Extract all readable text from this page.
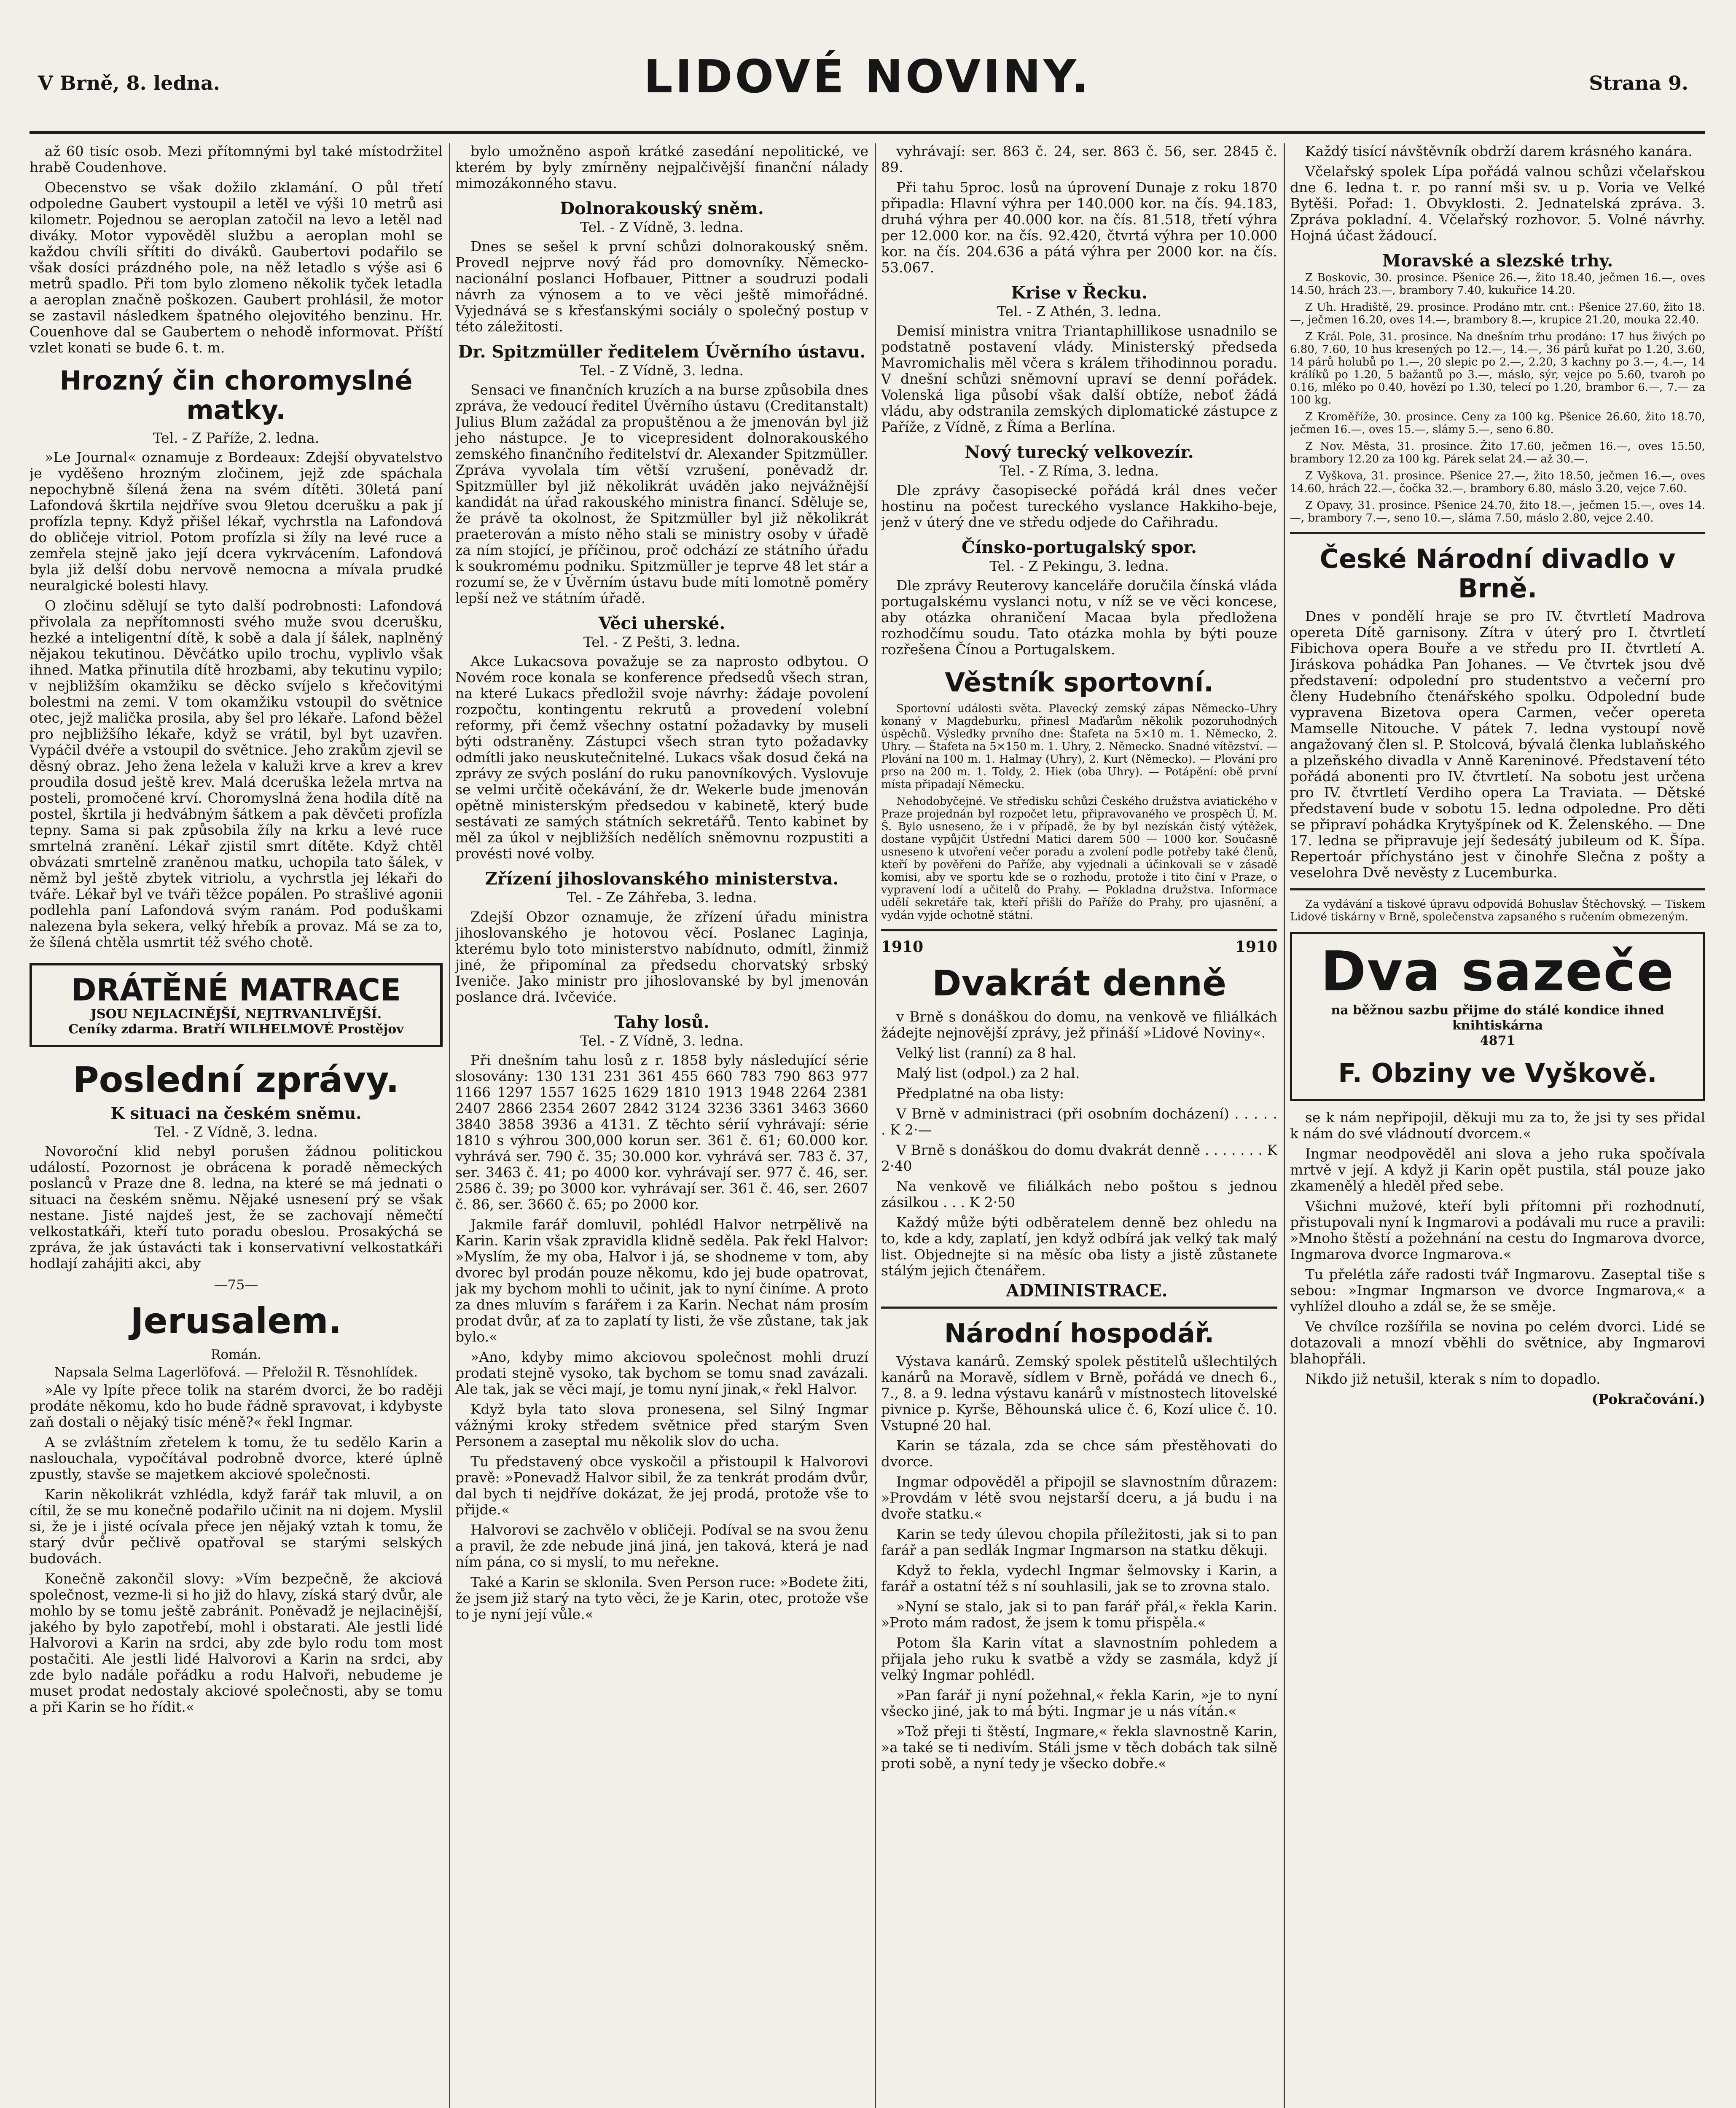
V Brně, 8. ledna.	LIDOVÉ NOVINY.	Strana 9.

až 60 tisíc osob. Mezi přítomnými byl také místodržitel hrabě Coudenhove.

Obecenstvo se však dožilo zklamání. O půl třetí odpoledne Gaubert vystoupil a letěl ve výši 10 metrů asi kilometr. Pojednou se aeroplan zatočil na levo a letěl nad diváky. Motor vypověděl službu a aeroplan mohl se každou chvíli sřítiti do diváků. Gaubertovi podařilo se však dosíci prázdného pole, na něž letadlo s výše asi 6 metrů spadlo. Při tom bylo zlomeno několik tyček letadla a aeroplan značně poškozen. Gaubert prohlásil, že motor se zastavil následkem špatného olejovitého benzinu. Hr. Couenhove dal se Gaubertem o nehodě informovat. Příští vzlet konati se bude 6. t. m.

Hrozný čin choromyslné matky.
Tel. - Z Paříže, 2. ledna.

»Le Journal« oznamuje z Bordeaux: Zdejší obyvatelstvo je vyděšeno hrozným zločinem, jejž zde spáchala nepochybně šílená žena na svém dítěti. 30letá paní Lafondová škrtila nejdříve svou 9letou dcerušku a pak jí profízla tepny. Když přišel lékař, vychrstla na Lafondová do obličeje vitriol. Potom profízla si žíly na levé ruce a zemřela stejně jako její dcera vykrvácením. Lafondová byla již delší dobu nervově nemocna a mívala prudké neuralgické bolesti hlavy.

O zločinu sdělují se tyto další podrobnosti: Lafondová přivolala za nepřítomnosti svého muže svou dcerušku, hezké a inteligentní dítě, k sobě a dala jí šálek, naplněný nějakou tekutinou. Děvčátko upilo trochu, vyplivlo však ihned. Matka přinutila dítě hrozbami, aby tekutinu vypilo; v nejbližším okamžiku se děcko svíjelo s křečovitými bolestmi na zemi. V tom okamžiku vstoupil do světnice otec, jejž malička prosila, aby šel pro lékaře. Lafond běžel pro nejbližšího lékaře, když se vrátil, byl byt uzavřen. Vypáčil dvéře a vstoupil do světnice. Jeho zrakům zjevil se děsný obraz. Jeho žena ležela v kaluži krve a krev a krev proudila dosud ještě krev. Malá dceruška ležela mrtva na posteli, promočené krví. Choromyslná žena hodila dítě na postel, škrtila ji hedvábným šátkem a pak děvčeti profízla tepny. Sama si pak způsobila žíly na krku a levé ruce smrtelná zranění. Lékař zjistil smrt dítěte. Když chtěl obvázati smrtelně zraněnou matku, uchopila tato šálek, v němž byl ještě zbytek vitriolu, a vychrstla jej lékaři do tváře. Lékař byl ve tváři těžce popálen. Po strašlivé agonii podlehla paní Lafondová svým ranám. Pod poduškami nalezena byla sekera, velký hřebík a provaz. Má se za to, že šílená chtěla usmrtit též svého chotě.

DRÁTĚNÉ MATRACE
JSOU NEJLACINĚJŠÍ, NEJTRVANLIVĚJŠÍ.
Ceníky zdarma. Bratří WILHELMOVÉ Prostějov
Poslední zprávy.
K situaci na českém sněmu.
Tel. - Z Vídně, 3. ledna.

Novoroční klid nebyl porušen žádnou politickou událostí. Pozornost je obrácena k poradě německých poslanců v Praze dne 8. ledna, na které se má jednati o situaci na českém sněmu. Nějaké usnesení prý se však nestane. Jisté najdeš jest, že se zachovají němečtí velkostatkáři, kteří tuto poradu obeslou. Prosakýchá se zpráva, že jak ústavácti tak i konservativní velkostatkáři hodlají zahájiti akci, aby

—75—
Jerusalem.
Román.
Napsala Selma Lagerlöfová. — Přeložil R. Těsnohlídek.

»Ale vy lpíte přece tolik na starém dvorci, že bo raději prodáte někomu, kdo ho bude řádně spravovat, i kdybyste zaň dostali o nějaký tisíc méně?« řekl Ingmar.

A se zvláštním zřetelem k tomu, že tu sedělo Karin a naslouchala, vypočítával podrobně dvorce, které úplně zpustly, stavše se majetkem akciové společnosti.

Karin několikrát vzhlédla, když farář tak mluvil, a on cítil, že se mu konečně podařilo učinit na ni dojem. Myslil si, že je i jisté ocívala přece jen nějaký vztah k tomu, že starý dvůr pečlivě opatřoval se starými selských budovách.

Konečně zakončil slovy: »Vím bezpečně, že akciová společnost, vezme-li si ho již do hlavy, získá starý dvůr, ale mohlo by se tomu ještě zabránit. Poněvadž je nejlacinější, jakého by bylo zapotřebí, mohl i obstarati. Ale jestli lidé Halvorovi a Karin na srdci, aby zde bylo rodu tom most postačiti. Ale jestli lidé Halvorovi a Karin na srdci, aby zde bylo nadále pořádku a rodu Halvoři, nebudeme je muset prodat nedostaly akciové společnosti, aby se tomu a při Karin se ho řídit.«

bylo umožněno aspoň krátké zasedání nepolitické, ve kterém by byly zmírněny nejpalčivější finanční nálady mimozákonného stavu.

Dolnorakouský sněm.
Tel. - Z Vídně, 3. ledna.

Dnes se sešel k první schůzi dolnorakouský sněm. Provedl nejprve nový řád pro domovníky. Německo-nacionální poslanci Hofbauer, Pittner a soudruzi podali návrh za výnosem a to ve věci ještě mimořádné. Vyjednává se s křesťanskými sociály o společný postup v této záležitosti.

Dr. Spitzmüller ředitelem Úvěrního ústavu.
Tel. - Z Vídně, 3. ledna.

Sensaci ve finančních kruzích a na burse způsobila dnes zpráva, že vedoucí ředitel Úvěrního ústavu (Creditanstalt) Julius Blum zažádal za propuštěnou a že jmenován byl již jeho nástupce. Je to vicepresident dolnorakouského zemského finančního ředitelství dr. Alexander Spitzmüller. Zpráva vyvolala tím větší vzrušení, poněvadž dr. Spitzmüller byl již několikrát uváděn jako nejvážnější kandidát na úřad rakouského ministra financí. Sděluje se, že právě ta okolnost, že Spitzmüller byl již několikrát praeterován a místo něho stali se ministry osoby v úřadě za ním stojící, je příčinou, proč odchází ze státního úřadu k soukromému podniku. Spitzmüller je teprve 48 let stár a rozumí se, že v Úvěrním ústavu bude míti lomotně poměry lepší než ve státním úřadě.

Věci uherské.
Tel. - Z Pešti, 3. ledna.

Akce Lukacsova považuje se za naprosto odbytou. O Novém roce konala se konference předsedů všech stran, na které Lukacs předložil svoje návrhy: žádaje povolení rozpočtu, kontingentu rekrutů a provedení volební reformy, při čemž všechny ostatní požadavky by museli býti odstraněny. Zástupci všech stran tyto požadavky odmítli jako neuskutečnitelné. Lukacs však dosud čeká na zprávy ze svých poslání do ruku panovníkových. Vyslovuje se velmi určitě očekávání, že dr. Wekerle bude jmenován opětně ministerským předsedou v kabinetě, který bude sestávati ze samých státních sekretářů. Tento kabinet by měl za úkol v nejbližších nedělích sněmovnu rozpustiti a provésti nové volby.

Zřízení jihoslovanského ministerstva.
Tel. - Ze Záhřeba, 3. ledna.

Zdejší Obzor oznamuje, že zřízení úřadu ministra jihoslovanského je hotovou věcí. Poslanec Laginja, kterému bylo toto ministerstvo nabídnuto, odmítl, žinmiž jiné, že připomínal za předsedu chorvatský srbský Iveniče. Jako ministr pro jihoslovanské by byl jmenován poslance drá. Ivčeviće.

Tahy losů.
Tel. - Z Vídně, 3. ledna.

Při dnešním tahu losů z r. 1858 byly následující série slosovány: 130 131 231 361 455 660 783 790 863 977 1166 1297 1557 1625 1629 1810 1913 1948 2264 2381 2407 2866 2354 2607 2842 3124 3236 3361 3463 3660 3840 3858 3936 a 4131. Z těchto sérií vyhrávají: série 1810 s výhrou 300,000 korun ser. 361 č. 61; 60.000 kor. vyhrává ser. 790 č. 35; 30.000 kor. vyhrává ser. 783 č. 37, ser. 3463 č. 41; po 4000 kor. vyhrávají ser. 977 č. 46, ser. 2586 č. 39; po 3000 kor. vyhrávají ser. 361 č. 46, ser. 2607 č. 86, ser. 3660 č. 65; po 2000 kor.

Jakmile farář domluvil, pohlédl Halvor netrpělivě na Karin. Karin však zpravidla klidně seděla. Pak řekl Halvor: »Myslím, že my oba, Halvor i já, se shodneme v tom, aby dvorec byl prodán pouze někomu, kdo jej bude opatrovat, jak my bychom mohli to učinit, jak to nyní činíme. A proto za dnes mluvím s farářem i za Karin. Nechat nám prosím prodat dvůr, ať za to zaplatí ty listi, že vše zůstane, tak jak bylo.«

»Ano, kdyby mimo akciovou společnost mohli druzí prodati stejně vysoko, tak bychom se tomu snad zavázali. Ale tak, jak se věci mají, je tomu nyní jinak,« řekl Halvor.

Když byla tato slova pronesena, sel Silný Ingmar vážnými kroky středem světnice před starým Sven Personem a zaseptal mu několik slov do ucha.

Tu představený obce vyskočil a přistoupil k Halvorovi pravě: »Ponevadž Halvor sibil, že za tenkrát prodám dvůr, dal bych ti nejdříve dokázat, že jej prodá, protože vše to přijde.«

Halvorovi se zachvělo v obličeji. Podíval se na svou ženu a pravil, že zde nebude jiná jiná, jen taková, která je nad ním pána, co si myslí, to mu neřekne.

Také a Karin se sklonila. Sven Person ruce: »Bodete žiti, že jsem již starý na tyto věci, že je Karin, otec, protože vše to je nyní její vůle.«

vyhrávají: ser. 863 č. 24, ser. 863 č. 56, ser. 2845 č. 89.

Při tahu 5proc. losů na úprovení Dunaje z roku 1870 připadla: Hlavní výhra per 140.000 kor. na čís. 94.183, druhá výhra per 40.000 kor. na čís. 81.518, třetí výhra per 12.000 kor. na čís. 92.420, čtvrtá výhra per 10.000 kor. na čís. 204.636 a pátá výhra per 2000 kor. na čís. 53.067.

Krise v Řecku.
Tel. - Z Athén, 3. ledna.

Demisí ministra vnitra Triantaphillikose usnadnilo se podstatně postavení vlády. Ministerský předseda Mavromichalis měl včera s králem třihodinnou poradu. V dnešní schůzi sněmovní upraví se denní pořádek. Volenská liga působí však další obtíže, neboť žádá vládu, aby odstranila zemských diplomatické zástupce z Paříže, z Vídně, z Říma a Berlína.

Nový turecký velkovezír.
Tel. - Z Ríma, 3. ledna.

Dle zprávy časopisecké pořádá král dnes večer hostinu na počest tureckého vyslance Hakkiho-beje, jenž v úterý dne ve středu odjede do Cařihradu.

Čínsko-portugalský spor.
Tel. - Z Pekingu, 3. ledna.

Dle zprávy Reuterovy kanceláře doručila čínská vláda portugalskému vyslanci notu, v níž se ve věci koncese, aby otázka ohraničení Macaa byla předložena rozhodčímu soudu. Tato otázka mohla by býti pouze rozřešena Čínou a Portugalskem.

Věstník sportovní.

Sportovní události světa. Plavecký zemský zápas Německo–Uhry konaný v Magdeburku, přinesl Maďarům několik pozoruhodných úspěchů. Výsledky prvního dne: Štafeta na 5×10 m. 1. Německo, 2. Uhry. — Štafeta na 5×150 m. 1. Uhry, 2. Německo. Snadné vítězství. — Plování na 100 m. 1. Halmay (Uhry), 2. Kurt (Německo). — Plování pro prso na 200 m. 1. Toldy, 2. Hiek (oba Uhry). — Potápění: obě první místa připadají Německu.

Nehodobyčejné. Ve středisku schůzi Českého družstva aviatického v Praze projednán byl rozpočet letu, připravovaného ve prospěch Ú. M. Š. Bylo usneseno, že i v případě, že by byl nezískán čistý výtěžek, dostane vypůjčit Ústřední Matici darem 500 — 1000 kor. Současně usneseno k utvoření večer poradu a zvolení podle potřeby také členů, kteří by pověřeni do Paříže, aby vyjednali a účinkovali se v zásadě komisi, aby ve sportu kde se o rozhodu, protože i tito činí v Praze, o vypravení lodí a učitelů do Prahy. — Pokladna družstva. Informace udělí sekretáře tak, kteří přišli do Paříže do Prahy, pro ujasnění, a vydán vyjde ochotně státní.

1910	1910
Dvakrát denně

v Brně s donáškou do domu, na venkově ve filiálkách žádejte nejnovější zprávy, jež přináší »Lidové Noviny«.

Velký list (ranní) za 8 hal.

Malý list (odpol.) za 2 hal.

Předplatné na oba listy:

V Brně v administraci (při osobním docházení) . . . . . . K 2·—

V Brně s donáškou do domu dvakrát denně . . . . . . . K 2·40

Na venkově ve filiálkách nebo poštou s jednou zásilkou . . . K 2·50

Každý může býti odběratelem denně bez ohledu na to, kde a kdy, zaplatí, jen když odbírá jak velký tak malý list. Objednejte si na měsíc oba listy a jistě zůstanete stálým jejich čtenářem.

ADMINISTRACE.

Národní hospodář.

Výstava kanárů. Zemský spolek pěstitelů ušlechtilých kanárů na Moravě, sídlem v Brně, pořádá ve dnech 6., 7., 8. a 9. ledna výstavu kanárů v místnostech litovelské pivnice p. Kyrše, Běhounská ulice č. 6, Kozí ulice č. 10. Vstupné 20 hal.

Karin se tázala, zda se chce sám přestěhovati do dvorce.

Ingmar odpověděl a připojil se slavnostním důrazem: »Provdám v létě svou nejstarší dceru, a já budu i na dvoře statku.«

Karin se tedy úlevou chopila příležitosti, jak si to pan farář a pan sedlák Ingmar Ingmarson na statku děkuji.

Když to řekla, vydechl Ingmar šelmovsky i Karin, a farář a ostatní též s ní souhlasili, jak se to zrovna stalo.

»Nyní se stalo, jak si to pan farář přál,« řekla Karin. »Proto mám radost, že jsem k tomu přispěla.«

Potom šla Karin vítat a slavnostním pohledem a přijala jeho ruku k svatbě a vždy se zasmála, když jí velký Ingmar pohlédl.

»Pan farář ji nyní požehnal,« řekla Karin, »je to nyní všecko jiné, jak to má býti. Ingmar je u nás vítán.«

»Tož přeji ti štěstí, Ingmare,« řekla slavnostně Karin, »a také se ti nedivím. Stáli jsme v těch dobách tak silně proti sobě, a nyní tedy je všecko dobře.«

Každý tisící návštěvník obdrží darem krásného kanára.

Včelařský spolek Lípa pořádá valnou schůzi včelařskou dne 6. ledna t. r. po ranní mši sv. u p. Voria ve Velké Bytěši. Pořad: 1. Obvyklosti. 2. Jednatelská zpráva. 3. Zpráva pokladní. 4. Včelařský rozhovor. 5. Volné návrhy. Hojná účast žádoucí.

Moravské a slezské trhy.

Z Boskovic, 30. prosince. Pšenice 26.—, žito 18.40, ječmen 16.—, oves 14.50, hrách 23.—, brambory 7.40, kukuřice 14.20.

Z Uh. Hradiště, 29. prosince. Prodáno mtr. cnt.: Pšenice 27.60, žito 18.—, ječmen 16.20, oves 14.—, brambory 8.—, krupice 21.20, mouka 22.40.

Z Král. Pole, 31. prosince. Na dnešním trhu prodáno: 17 hus živých po 6.80, 7.60, 10 hus kresených po 12.—, 14.—, 36 párů kuřat po 1.20, 3.60, 14 párů holubů po 1.—, 20 slepic po 2.—, 2.20, 3 kachny po 3.—, 4.—, 14 králíků po 1.20, 5 bažantů po 3.—, máslo, sýr, vejce po 5.60, tvaroh po 0.16, mléko po 0.40, hovězí po 1.30, telecí po 1.20, brambor 6.—, 7.— za 100 kg.

Z Kroměříže, 30. prosince. Ceny za 100 kg. Pšenice 26.60, žito 18.70, ječmen 16.—, oves 15.—, slámy 5.—, seno 6.80.

Z Nov. Města, 31. prosince. Žito 17.60, ječmen 16.—, oves 15.50, brambory 12.20 za 100 kg. Párek selat 24.— až 30.—.

Z Vyškova, 31. prosince. Pšenice 27.—, žito 18.50, ječmen 16.—, oves 14.60, hrách 22.—, čočka 32.—, brambory 6.80, máslo 3.20, vejce 7.60.

Z Opavy, 31. prosince. Pšenice 24.70, žito 18.—, ječmen 15.—, oves 14.—, brambory 7.—, seno 10.—, sláma 7.50, máslo 2.80, vejce 2.40.

České Národní divadlo v Brně.

Dnes v pondělí hraje se pro IV. čtvrtletí Madrova opereta Dítě garnisony. Zítra v úterý pro I. čtvrtletí Fibichova opera Bouře a ve středu pro II. čtvrtletí A. Jiráskova pohádka Pan Johanes. — Ve čtvrtek jsou dvě představení: odpolední pro studentstvo a večerní pro členy Hudebního čtenářského spolku. Odpolední bude vypravena Bizetova opera Carmen, večer opereta Mamselle Nitouche. V pátek 7. ledna vystoupí nově angažovaný člen sl. P. Stolcová, bývalá členka lublaňského a plzeňského divadla v Anně Kareninové. Představení této pořádá abonenti pro IV. čtvrtletí. Na sobotu jest určena pro IV. čtvrtletí Verdiho opera La Traviata. — Dětské představení bude v sobotu 15. ledna odpoledne. Pro děti se připraví pohádka Krytyšpínek od K. Želenského. — Dne 17. ledna se připravuje její šedesátý jubileum od K. Šípa. Repertoár příchystáno jest v činohře Slečna z pošty a veselohra Dvě nevěsty z Lucemburka.

Za vydávání a tiskové úpravu odpovídá Bohuslav Štěchovský. — Tiskem Lidové tiskárny v Brně, společenstva zapsaného s ručením obmezeným.

Dva sazeče
na běžnou sazbu přijme do stálé kondice ihned knihtiskárna
4871
F. Obziny ve Vyškově.

se k nám nepřipojil, děkuji mu za to, že jsi ty ses přidal k nám do své vládnoutí dvorcem.«

Ingmar neodpověděl ani slova a jeho ruka spočívala mrtvě v její. A když ji Karin opět pustila, stál pouze jako zkamenělý a hleděl před sebe.

Všichni mužové, kteří byli přítomni při rozhodnutí, přistupovali nyní k Ingmarovi a podávali mu ruce a pravili: »Mnoho štěstí a požehnání na cestu do Ingmarova dvorce, Ingmarova dvorce Ingmarova.«

Tu přelétla záře radosti tvář Ingmarovu. Zaseptal tiše s sebou: »Ingmar Ingmarson ve dvorce Ingmarova,« a vyhlížel dlouho a zdál se, že se směje.

Ve chvílce rozšířila se novina po celém dvorci. Lidé se dotazovali a mnozí vběhli do světnice, aby Ingmarovi blahopřáli.

Nikdo již netušil, kterak s ním to dopadlo.

(Pokračování.)
